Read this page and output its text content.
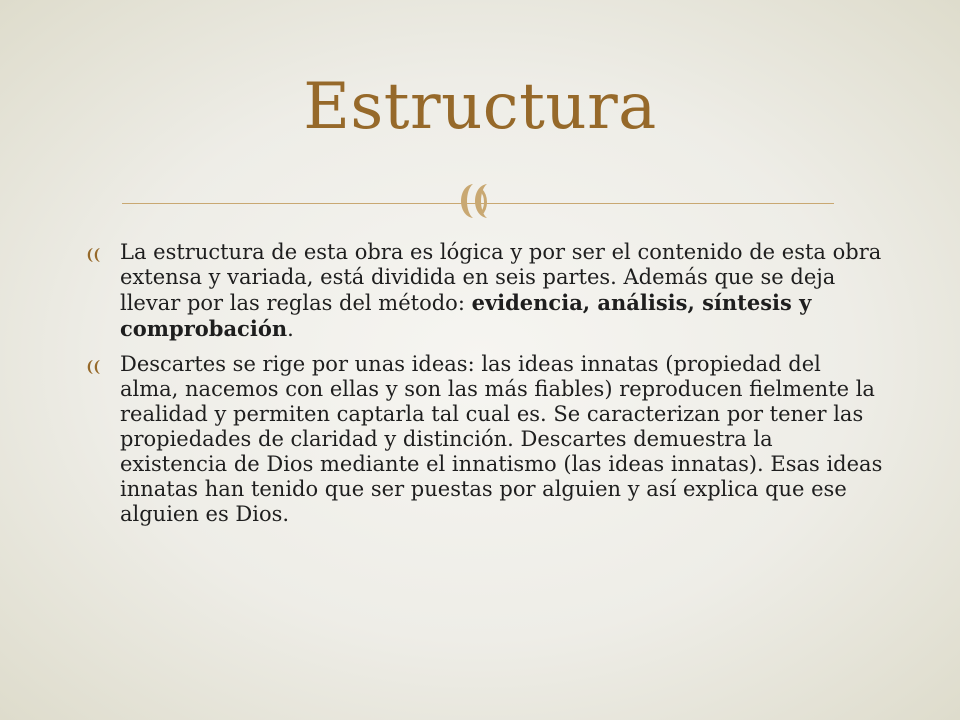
Estructura
La estructura de esta obra es lógica y por ser el contenido de esta obra extensa y variada, está dividida en seis partes. Además que se deja llevar por las reglas del método: evidencia, análisis, síntesis y comprobación.
Descartes se rige por unas ideas: las ideas innatas (propiedad del alma, nacemos con ellas y son las más fiables) reproducen fielmente la realidad y permiten captarla tal cual es. Se caracterizan por tener las propiedades de claridad y distinción. Descartes demuestra la existencia de Dios mediante el innatismo (las ideas innatas). Esas ideas innatas han tenido que ser puestas por alguien y así explica que ese alguien es Dios.
